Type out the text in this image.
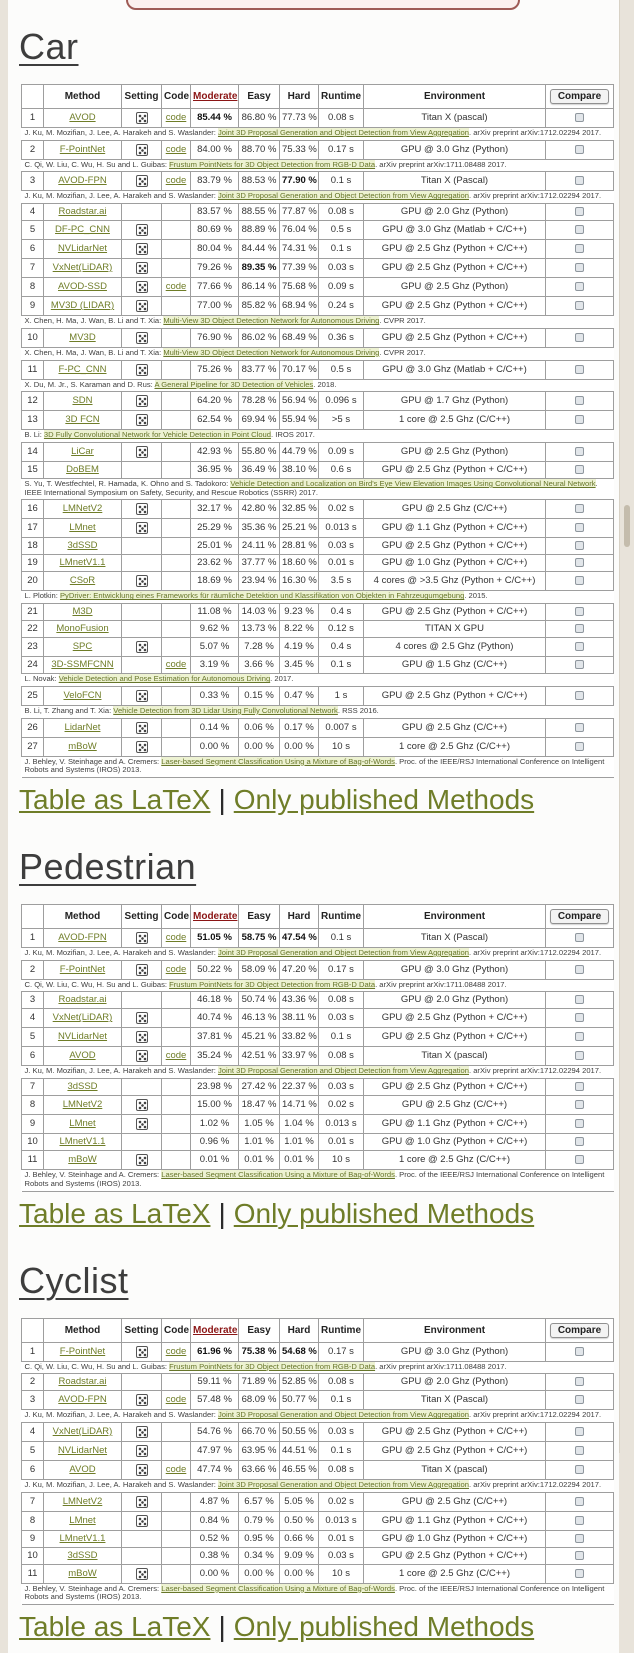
Car
	Method	Setting	Code	Moderate	Easy	Hard	Runtime	Environment	Compare
1	AVOD		code	85.44 %	86.80 %	77.73 %	0.08 s	Titan X (pascal)	
J. Ku, M. Mozifian, J. Lee, A. Harakeh and S. Waslander: Joint 3D Proposal Generation and Object Detection from View Aggregation. arXiv preprint arXiv:1712.02294 2017.									
2	F-PointNet		code	84.00 %	88.70 %	75.33 %	0.17 s	GPU @ 3.0 Ghz (Python)	
C. Qi, W. Liu, C. Wu, H. Su and L. Guibas: Frustum PointNets for 3D Object Detection from RGB-D Data. arXiv preprint arXiv:1711.08488 2017.									
3	AVOD-FPN		code	83.79 %	88.53 %	77.90 %	0.1 s	Titan X (Pascal)	
J. Ku, M. Mozifian, J. Lee, A. Harakeh and S. Waslander: Joint 3D Proposal Generation and Object Detection from View Aggregation. arXiv preprint arXiv:1712.02294 2017.									
4	Roadstar.ai			83.57 %	88.55 %	77.87 %	0.08 s	GPU @ 2.0 Ghz (Python)	
5	DF-PC_CNN			80.69 %	88.89 %	76.04 %	0.5 s	GPU @ 3.0 Ghz (Matlab + C/C++)	
6	NVLidarNet			80.04 %	84.44 %	74.31 %	0.1 s	GPU @ 2.5 Ghz (Python + C/C++)	
7	VxNet(LiDAR)			79.26 %	89.35 %	77.39 %	0.03 s	GPU @ 2.5 Ghz (Python + C/C++)	
8	AVOD-SSD		code	77.66 %	86.14 %	75.68 %	0.09 s	GPU @ 2.5 Ghz (Python)	
9	MV3D (LIDAR)			77.00 %	85.82 %	68.94 %	0.24 s	GPU @ 2.5 Ghz (Python + C/C++)	
X. Chen, H. Ma, J. Wan, B. Li and T. Xia: Multi-View 3D Object Detection Network for Autonomous Driving. CVPR 2017.									
10	MV3D			76.90 %	86.02 %	68.49 %	0.36 s	GPU @ 2.5 Ghz (Python + C/C++)	
X. Chen, H. Ma, J. Wan, B. Li and T. Xia: Multi-View 3D Object Detection Network for Autonomous Driving. CVPR 2017.									
11	F-PC_CNN			75.26 %	83.77 %	70.17 %	0.5 s	GPU @ 3.0 Ghz (Matlab + C/C++)	
X. Du, M. Jr., S. Karaman and D. Rus: A General Pipeline for 3D Detection of Vehicles. 2018.									
12	SDN			64.20 %	78.28 %	56.94 %	0.096 s	GPU @ 1.7 Ghz (Python)	
13	3D FCN			62.54 %	69.94 %	55.94 %	>5 s	1 core @ 2.5 Ghz (C/C++)	
B. Li: 3D Fully Convolutional Network for Vehicle Detection in Point Cloud. IROS 2017.									
14	LiCar			42.93 %	55.80 %	44.79 %	0.09 s	GPU @ 2.5 Ghz (Python)	
15	DoBEM			36.95 %	36.49 %	38.10 %	0.6 s	GPU @ 2.5 Ghz (Python + C/C++)	
S. Yu, T. Westfechtel, R. Hamada, K. Ohno and S. Tadokoro: Vehicle Detection and Localization on Bird's Eye View Elevation Images Using Convolutional Neural Network. IEEE International Symposium on Safety, Security, and Rescue Robotics (SSRR) 2017.									
16	LMNetV2			32.17 %	42.80 %	32.85 %	0.02 s	GPU @ 2.5 Ghz (C/C++)	
17	LMnet			25.29 %	35.36 %	25.21 %	0.013 s	GPU @ 1.1 Ghz (Python + C/C++)	
18	3dSSD			25.01 %	24.11 %	28.81 %	0.03 s	GPU @ 2.5 Ghz (Python + C/C++)	
19	LMnetV1.1			23.62 %	37.77 %	18.60 %	0.01 s	GPU @ 1.0 Ghz (Python + C/C++)	
20	CSoR			18.69 %	23.94 %	16.30 %	3.5 s	4 cores @ >3.5 Ghz (Python + C/C++)	
L. Plotkin: PyDriver: Entwicklung eines Frameworks für räumliche Detektion und Klassifikation von Objekten in Fahrzeugumgebung. 2015.									
21	M3D			11.08 %	14.03 %	9.23 %	0.4 s	GPU @ 2.5 Ghz (Python + C/C++)	
22	MonoFusion			9.62 %	13.73 %	8.22 %	0.12 s	TITAN X GPU	
23	SPC			5.07 %	7.28 %	4.19 %	0.4 s	4 cores @ 2.5 Ghz (Python)	
24	3D-SSMFCNN		code	3.19 %	3.66 %	3.45 %	0.1 s	GPU @ 1.5 Ghz (C/C++)	
L. Novak: Vehicle Detection and Pose Estimation for Autonomous Driving. 2017.									
25	VeloFCN			0.33 %	0.15 %	0.47 %	1 s	GPU @ 2.5 Ghz (Python + C/C++)	
B. Li, T. Zhang and T. Xia: Vehicle Detection from 3D Lidar Using Fully Convolutional Network. RSS 2016.									
26	LidarNet			0.14 %	0.06 %	0.17 %	0.007 s	GPU @ 2.5 Ghz (C/C++)	
27	mBoW			0.00 %	0.00 %	0.00 %	10 s	1 core @ 2.5 Ghz (C/C++)	
J. Behley, V. Steinhage and A. Cremers: Laser-based Segment Classification Using a Mixture of Bag-of-Words. Proc. of the IEEE/RSJ International Conference on Intelligent Robots and Systems (IROS) 2013.									
Table as LaTeX | Only published Methods
Pedestrian
	Method	Setting	Code	Moderate	Easy	Hard	Runtime	Environment	Compare
1	AVOD-FPN		code	51.05 %	58.75 %	47.54 %	0.1 s	Titan X (Pascal)	
J. Ku, M. Mozifian, J. Lee, A. Harakeh and S. Waslander: Joint 3D Proposal Generation and Object Detection from View Aggregation. arXiv preprint arXiv:1712.02294 2017.									
2	F-PointNet		code	50.22 %	58.09 %	47.20 %	0.17 s	GPU @ 3.0 Ghz (Python)	
C. Qi, W. Liu, C. Wu, H. Su and L. Guibas: Frustum PointNets for 3D Object Detection from RGB-D Data. arXiv preprint arXiv:1711.08488 2017.									
3	Roadstar.ai			46.18 %	50.74 %	43.36 %	0.08 s	GPU @ 2.0 Ghz (Python)	
4	VxNet(LiDAR)			40.74 %	46.13 %	38.11 %	0.03 s	GPU @ 2.5 Ghz (Python + C/C++)	
5	NVLidarNet			37.81 %	45.21 %	33.82 %	0.1 s	GPU @ 2.5 Ghz (Python + C/C++)	
6	AVOD		code	35.24 %	42.51 %	33.97 %	0.08 s	Titan X (pascal)	
J. Ku, M. Mozifian, J. Lee, A. Harakeh and S. Waslander: Joint 3D Proposal Generation and Object Detection from View Aggregation. arXiv preprint arXiv:1712.02294 2017.									
7	3dSSD			23.98 %	27.42 %	22.37 %	0.03 s	GPU @ 2.5 Ghz (Python + C/C++)	
8	LMNetV2			15.00 %	18.47 %	14.71 %	0.02 s	GPU @ 2.5 Ghz (C/C++)	
9	LMnet			1.02 %	1.05 %	1.04 %	0.013 s	GPU @ 1.1 Ghz (Python + C/C++)	
10	LMnetV1.1			0.96 %	1.01 %	1.01 %	0.01 s	GPU @ 1.0 Ghz (Python + C/C++)	
11	mBoW			0.01 %	0.01 %	0.01 %	10 s	1 core @ 2.5 Ghz (C/C++)	
J. Behley, V. Steinhage and A. Cremers: Laser-based Segment Classification Using a Mixture of Bag-of-Words. Proc. of the IEEE/RSJ International Conference on Intelligent Robots and Systems (IROS) 2013.									
Table as LaTeX | Only published Methods
Cyclist
	Method	Setting	Code	Moderate	Easy	Hard	Runtime	Environment	Compare
1	F-PointNet		code	61.96 %	75.38 %	54.68 %	0.17 s	GPU @ 3.0 Ghz (Python)	
C. Qi, W. Liu, C. Wu, H. Su and L. Guibas: Frustum PointNets for 3D Object Detection from RGB-D Data. arXiv preprint arXiv:1711.08488 2017.									
2	Roadstar.ai			59.11 %	71.89 %	52.85 %	0.08 s	GPU @ 2.0 Ghz (Python)	
3	AVOD-FPN		code	57.48 %	68.09 %	50.77 %	0.1 s	Titan X (Pascal)	
J. Ku, M. Mozifian, J. Lee, A. Harakeh and S. Waslander: Joint 3D Proposal Generation and Object Detection from View Aggregation. arXiv preprint arXiv:1712.02294 2017.									
4	VxNet(LiDAR)			54.76 %	66.70 %	50.55 %	0.03 s	GPU @ 2.5 Ghz (Python + C/C++)	
5	NVLidarNet			47.97 %	63.95 %	44.51 %	0.1 s	GPU @ 2.5 Ghz (Python + C/C++)	
6	AVOD		code	47.74 %	63.66 %	46.55 %	0.08 s	Titan X (pascal)	
J. Ku, M. Mozifian, J. Lee, A. Harakeh and S. Waslander: Joint 3D Proposal Generation and Object Detection from View Aggregation. arXiv preprint arXiv:1712.02294 2017.									
7	LMNetV2			4.87 %	6.57 %	5.05 %	0.02 s	GPU @ 2.5 Ghz (C/C++)	
8	LMnet			0.84 %	0.79 %	0.50 %	0.013 s	GPU @ 1.1 Ghz (Python + C/C++)	
9	LMnetV1.1			0.52 %	0.95 %	0.66 %	0.01 s	GPU @ 1.0 Ghz (Python + C/C++)	
10	3dSSD			0.38 %	0.34 %	9.09 %	0.03 s	GPU @ 2.5 Ghz (Python + C/C++)	
11	mBoW			0.00 %	0.00 %	0.00 %	10 s	1 core @ 2.5 Ghz (C/C++)	
J. Behley, V. Steinhage and A. Cremers: Laser-based Segment Classification Using a Mixture of Bag-of-Words. Proc. of the IEEE/RSJ International Conference on Intelligent Robots and Systems (IROS) 2013.									
Table as LaTeX | Only published Methods
